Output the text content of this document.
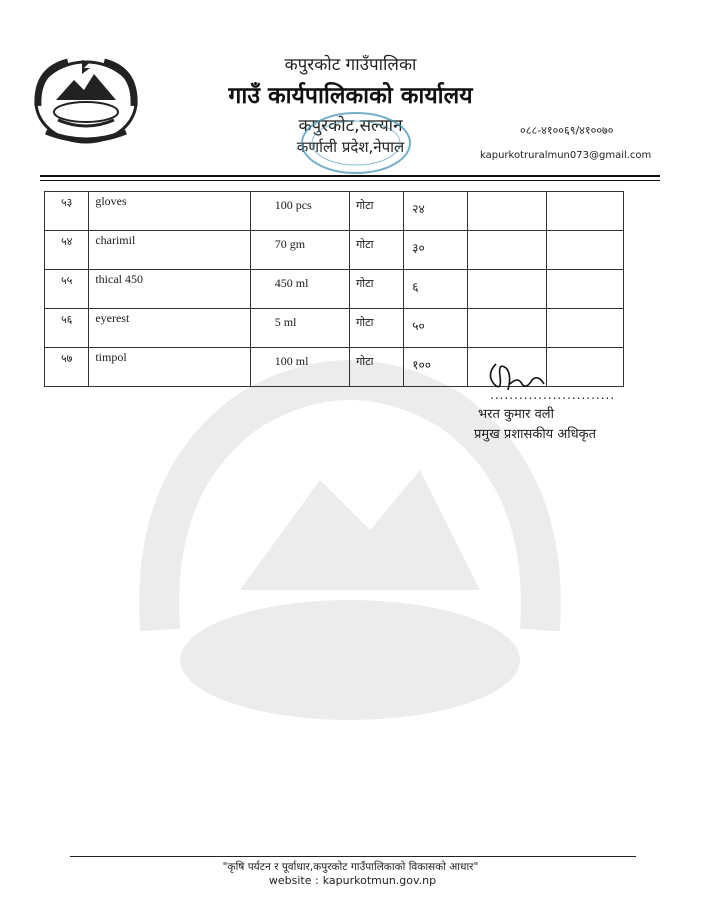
कपुरकोट गाउँपालिका
गाउँ कार्यपालिकाको कार्यालय
कपुरकोट,सल्यान
कर्णाली प्रदेश,नेपाल
०८८-४१००६९/४१००७०
kapurkotruralmun073@gmail.com
५३	gloves	100 pcs	गोटा	२४		
५४	charimil	70 gm	गोटा	३०		
५५	thical 450	450 ml	गोटा	६		
५६	eyerest	5 ml	गोटा	५०		
५७	timpol	100 ml	गोटा	१००		
..........................
भरत कुमार वली
प्रमुख प्रशासकीय अधिकृत
"कृषि पर्यटन र पूर्वाधार,कपुरकोट गाउँपालिकाको विकासको आधार"
website : kapurkotmun.gov.np
